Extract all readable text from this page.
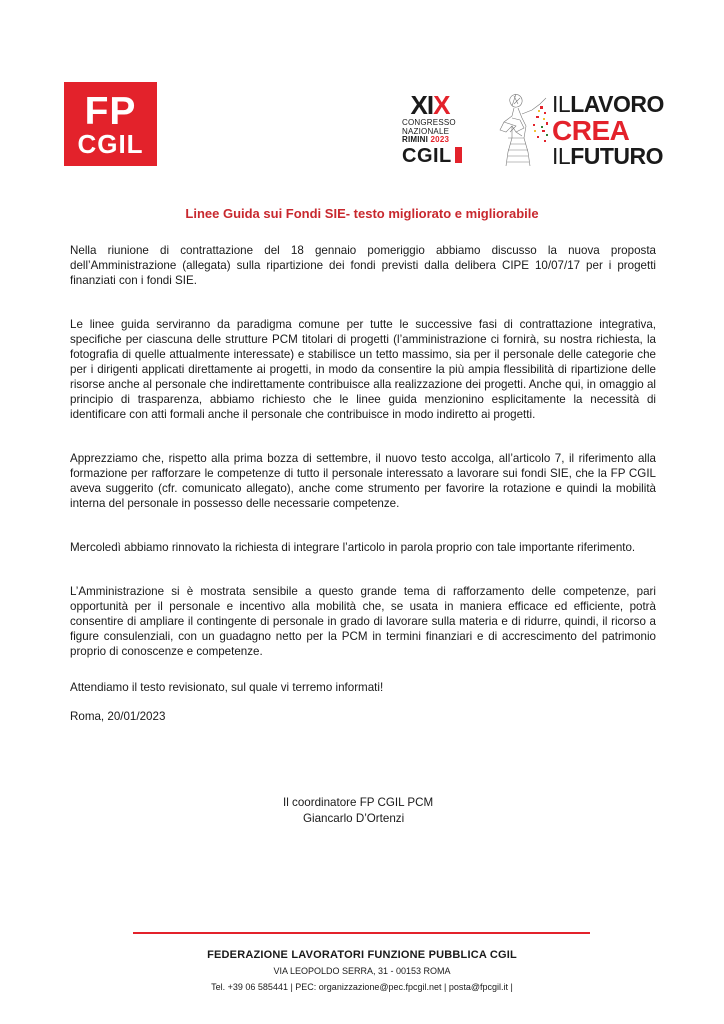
FP
CGIL
XIX
CONGRESSO
NAZIONALE
RIMINI 2023
CGIL
ILLAVORO
CREA
ILFUTURO
Linee Guida sui Fondi SIE- testo migliorato e migliorabile

Nella riunione di contrattazione del 18 gennaio pomeriggio abbiamo discusso la nuova proposta dell’Amministrazione (allegata) sulla ripartizione dei fondi previsti dalla delibera CIPE 10/07/17 per i progetti finanziati con i fondi SIE.

Le linee guida serviranno da paradigma comune per tutte le successive fasi di contrattazione integrativa, specifiche per ciascuna delle strutture PCM titolari di progetti (l’amministrazione ci fornirà, su nostra richiesta, la fotografia di quelle attualmente interessate) e stabilisce un tetto massimo, sia per il personale delle categorie che per i dirigenti applicati direttamente ai progetti, in modo da consentire la più ampia flessibilità di ripartizione delle risorse anche al personale che indirettamente contribuisce alla realizzazione dei progetti. Anche qui, in omaggio al principio di trasparenza, abbiamo richiesto che le linee guida menzionino esplicitamente la necessità di identificare con atti formali anche il personale che contribuisce in modo indiretto ai progetti.

Apprezziamo che, rispetto alla prima bozza di settembre, il nuovo testo accolga, all’articolo 7, il riferimento alla formazione per rafforzare le competenze di tutto il personale interessato a lavorare sui fondi SIE, che la FP CGIL aveva suggerito (cfr. comunicato allegato), anche come strumento per favorire la rotazione e quindi la mobilità interna del personale in possesso delle necessarie competenze.

Mercoledì abbiamo rinnovato la richiesta di integrare l’articolo in parola proprio con tale importante riferimento.

L’Amministrazione si è mostrata sensibile a questo grande tema di rafforzamento delle competenze, pari opportunità per il personale e incentivo alla mobilità che, se usata in maniera efficace ed efficiente, potrà consentire di ampliare il contingente di personale in grado di lavorare sulla materia e di ridurre, quindi, il ricorso a figure consulenziali, con un guadagno netto per la PCM in termini finanziari e di accrescimento del patrimonio proprio di conoscenze e competenze.

Attendiamo il testo revisionato, sul quale vi terremo informati!

Roma, 20/01/2023

Il coordinatore FP CGIL PCM
Giancarlo D’Ortenzi
FEDERAZIONE LAVORATORI FUNZIONE PUBBLICA CGIL
VIA LEOPOLDO SERRA, 31 - 00153 ROMA
Tel. +39 06 585441 | PEC: organizzazione@pec.fpcgil.net | posta@fpcgil.it |
